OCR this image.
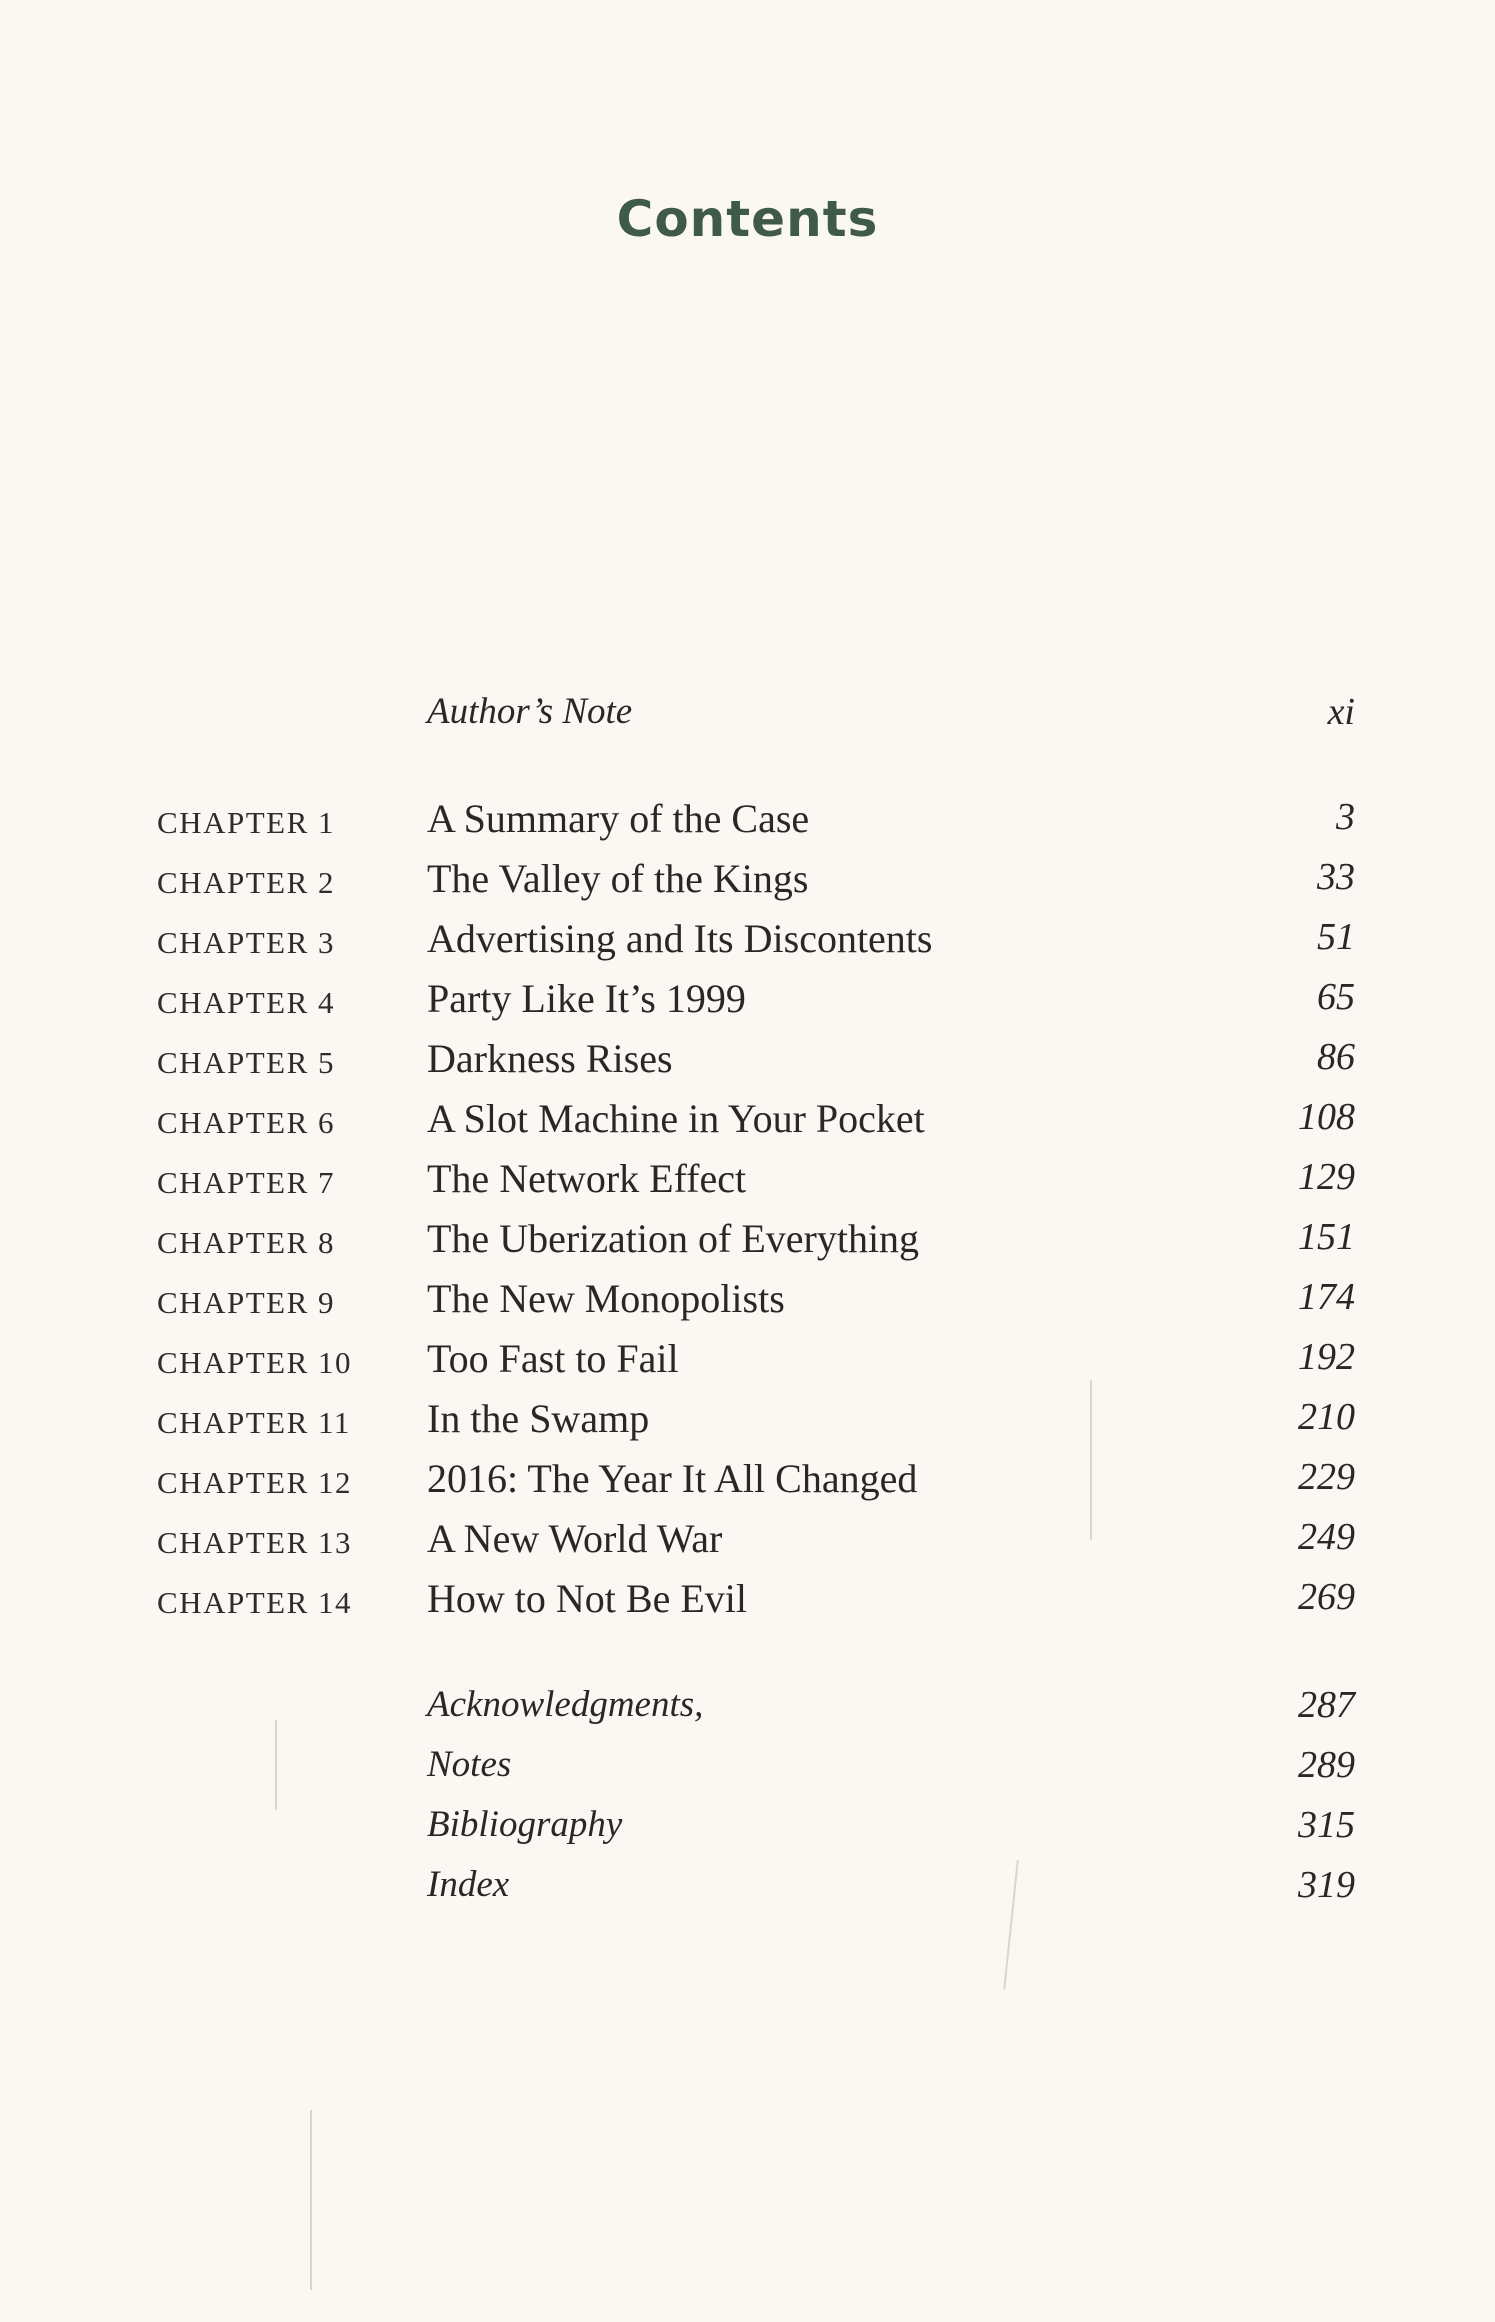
Contents
Author’s Note	xi
CHAPTER 1 A Summary of the Case	3
CHAPTER 2 The Valley of the Kings	33
CHAPTER 3 Advertising and Its Discontents	51
CHAPTER 4 Party Like It’s 1999	65
CHAPTER 5 Darkness Rises	86
CHAPTER 6 A Slot Machine in Your Pocket	108
CHAPTER 7 The Network Effect	129
CHAPTER 8 The Uberization of Everything	151
CHAPTER 9 The New Monopolists	174
CHAPTER 10 Too Fast to Fail	192
CHAPTER 11 In the Swamp	210
CHAPTER 12 2016: The Year It All Changed	229
CHAPTER 13 A New World War	249
CHAPTER 14 How to Not Be Evil	269
Acknowledgments,	287
Notes	289
Bibliography	315
Index	319
